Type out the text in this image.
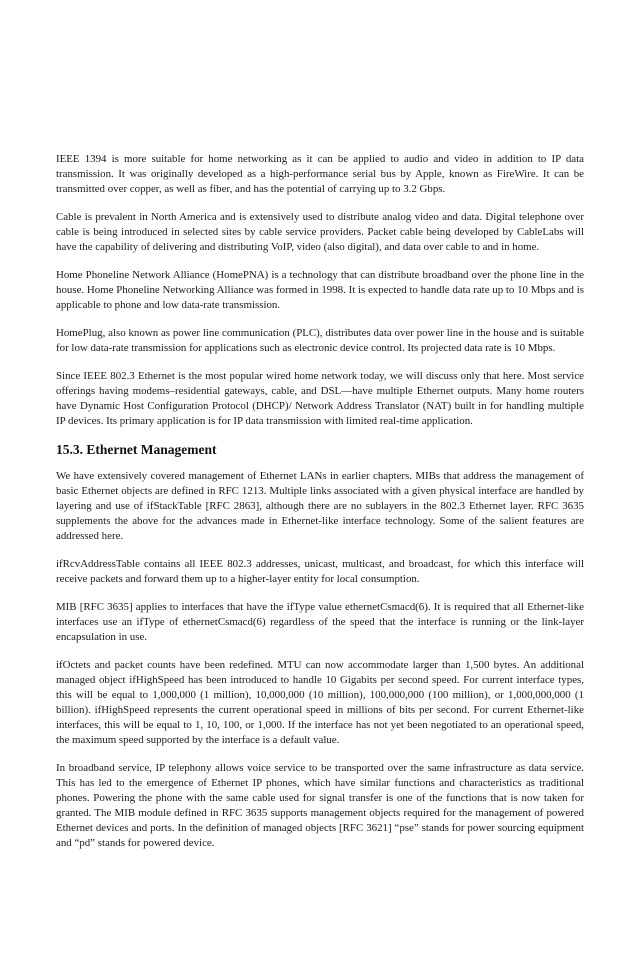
IEEE 1394 is more suitable for home networking as it can be applied to audio and video in addition to IP data transmission. It was originally developed as a high-performance serial bus by Apple, known as FireWire. It can be transmitted over copper, as well as fiber, and has the potential of carrying up to 3.2 Gbps.

Cable is prevalent in North America and is extensively used to distribute analog video and data. Digital telephone over cable is being introduced in selected sites by cable service providers. Packet cable being developed by CableLabs will have the capability of delivering and distributing VoIP, video (also digital), and data over cable to and in home.

Home Phoneline Network Alliance (HomePNA) is a technology that can distribute broadband over the phone line in the house. Home Phoneline Networking Alliance was formed in 1998. It is expected to handle data rate up to 10 Mbps and is applicable to phone and low data-rate transmission.

HomePlug, also known as power line communication (PLC), distributes data over power line in the house and is suitable for low data-rate transmission for applications such as electronic device control. Its projected data rate is 10 Mbps.

Since IEEE 802.3 Ethernet is the most popular wired home network today, we will discuss only that here. Most service offerings having modems–residential gateways, cable, and DSL—have multiple Ethernet outputs. Many home routers have Dynamic Host Configuration Protocol (DHCP)/ Network Address Translator (NAT) built in for handling multiple IP devices. Its primary application is for IP data transmission with limited real-time application.

15.3. Ethernet Management

We have extensively covered management of Ethernet LANs in earlier chapters. MIBs that address the management of basic Ethernet objects are defined in RFC 1213. Multiple links associated with a given physical interface are handled by layering and use of ifStackTable [RFC 2863], although there are no sublayers in the 802.3 Ethernet layer. RFC 3635 supplements the above for the advances made in Ethernet-like interface technology. Some of the salient features are addressed here.

ifRcvAddressTable contains all IEEE 802.3 addresses, unicast, multicast, and broadcast, for which this interface will receive packets and forward them up to a higher-layer entity for local consumption.

MIB [RFC 3635] applies to interfaces that have the ifType value ethernetCsmacd(6). It is required that all Ethernet-like interfaces use an ifType of ethernetCsmacd(6) regardless of the speed that the interface is running or the link-layer encapsulation in use.

ifOctets and packet counts have been redefined. MTU can now accommodate larger than 1,500 bytes. An additional managed object ifHighSpeed has been introduced to handle 10 Gigabits per second speed. For current interface types, this will be equal to 1,000,000 (1 million), 10,000,000 (10 million), 100,000,000 (100 million), or 1,000,000,000 (1 billion). ifHighSpeed represents the current operational speed in millions of bits per second. For current Ethernet-like interfaces, this will be equal to 1, 10, 100, or 1,000. If the interface has not yet been negotiated to an operational speed, the maximum speed supported by the interface is a default value.

In broadband service, IP telephony allows voice service to be transported over the same infrastructure as data service. This has led to the emergence of Ethernet IP phones, which have similar functions and characteristics as traditional phones. Powering the phone with the same cable used for signal transfer is one of the functions that is now taken for granted. The MIB module defined in RFC 3635 supports management objects required for the management of powered Ethernet devices and ports. In the definition of managed objects [RFC 3621] “pse” stands for power sourcing equipment and “pd” stands for powered device.
